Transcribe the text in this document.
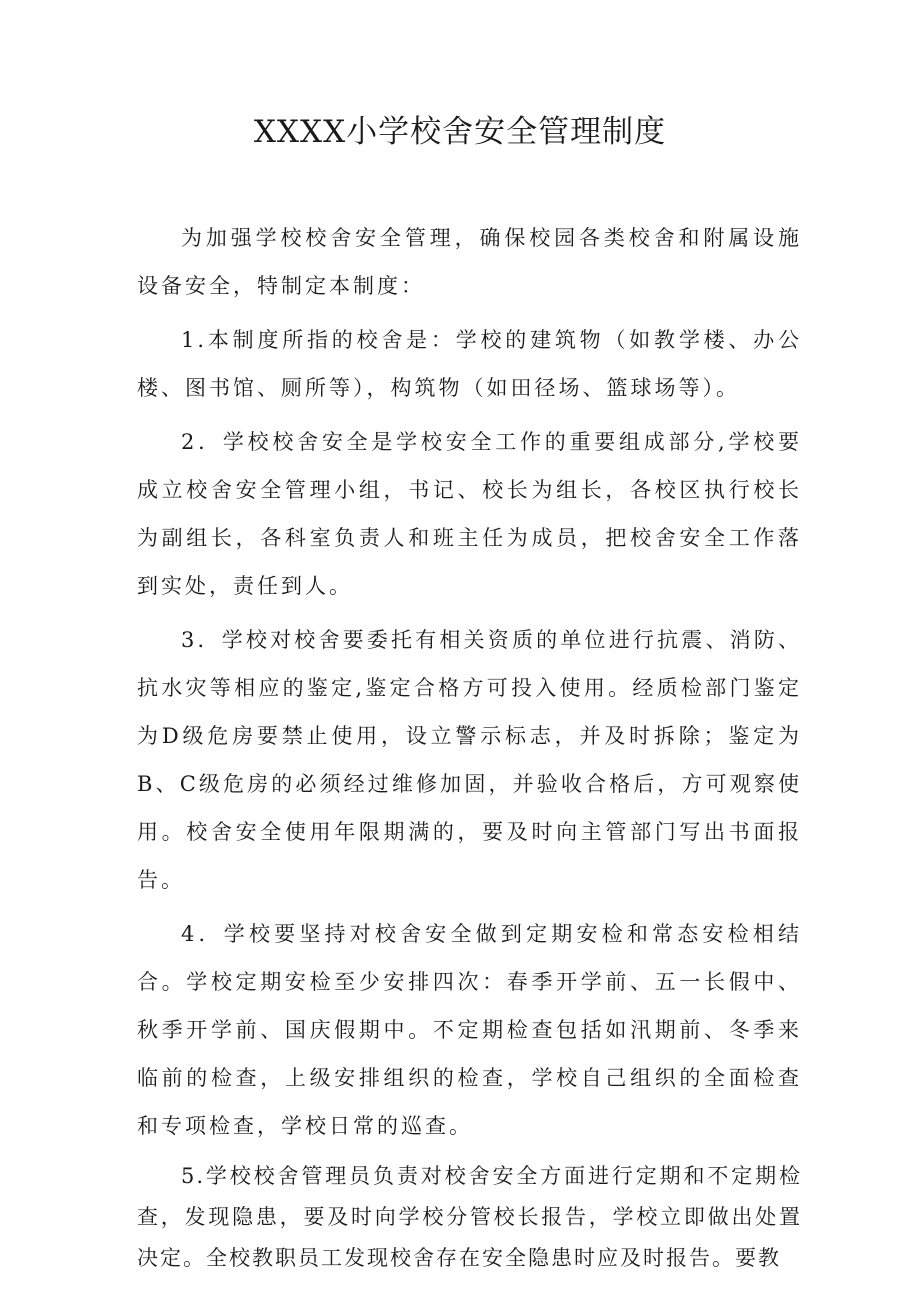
XXXX小学校舍安全管理制度

为加强学校校舍安全管理，确保校园各类校舍和附属设施设备安全，特制定本制度：

1.本制度所指的校舍是：学校的建筑物（如教学楼、办公楼、图书馆、厕所等），构筑物（如田径场、篮球场等）。

2．学校校舍安全是学校安全工作的重要组成部分,学校要成立校舍安全管理小组，书记、校长为组长，各校区执行校长为副组长，各科室负责人和班主任为成员，把校舍安全工作落到实处，责任到人。

3．学校对校舍要委托有相关资质的单位进行抗震、消防、抗水灾等相应的鉴定,鉴定合格方可投入使用。经质检部门鉴定为D级危房要禁止使用，设立警示标志，并及时拆除；鉴定为B、C级危房的必须经过维修加固，并验收合格后，方可观察使用。校舍安全使用年限期满的，要及时向主管部门写出书面报告。

4．学校要坚持对校舍安全做到定期安检和常态安检相结合。学校定期安检至少安排四次：春季开学前、五一长假中、秋季开学前、国庆假期中。不定期检查包括如汛期前、冬季来临前的检查，上级安排组织的检查，学校自己组织的全面检查和专项检查，学校日常的巡查。

5.学校校舍管理员负责对校舍安全方面进行定期和不定期检查，发现隐患，要及时向学校分管校长报告，学校立即做出处置决定。全校教职员工发现校舍存在安全隐患时应及时报告。要教
